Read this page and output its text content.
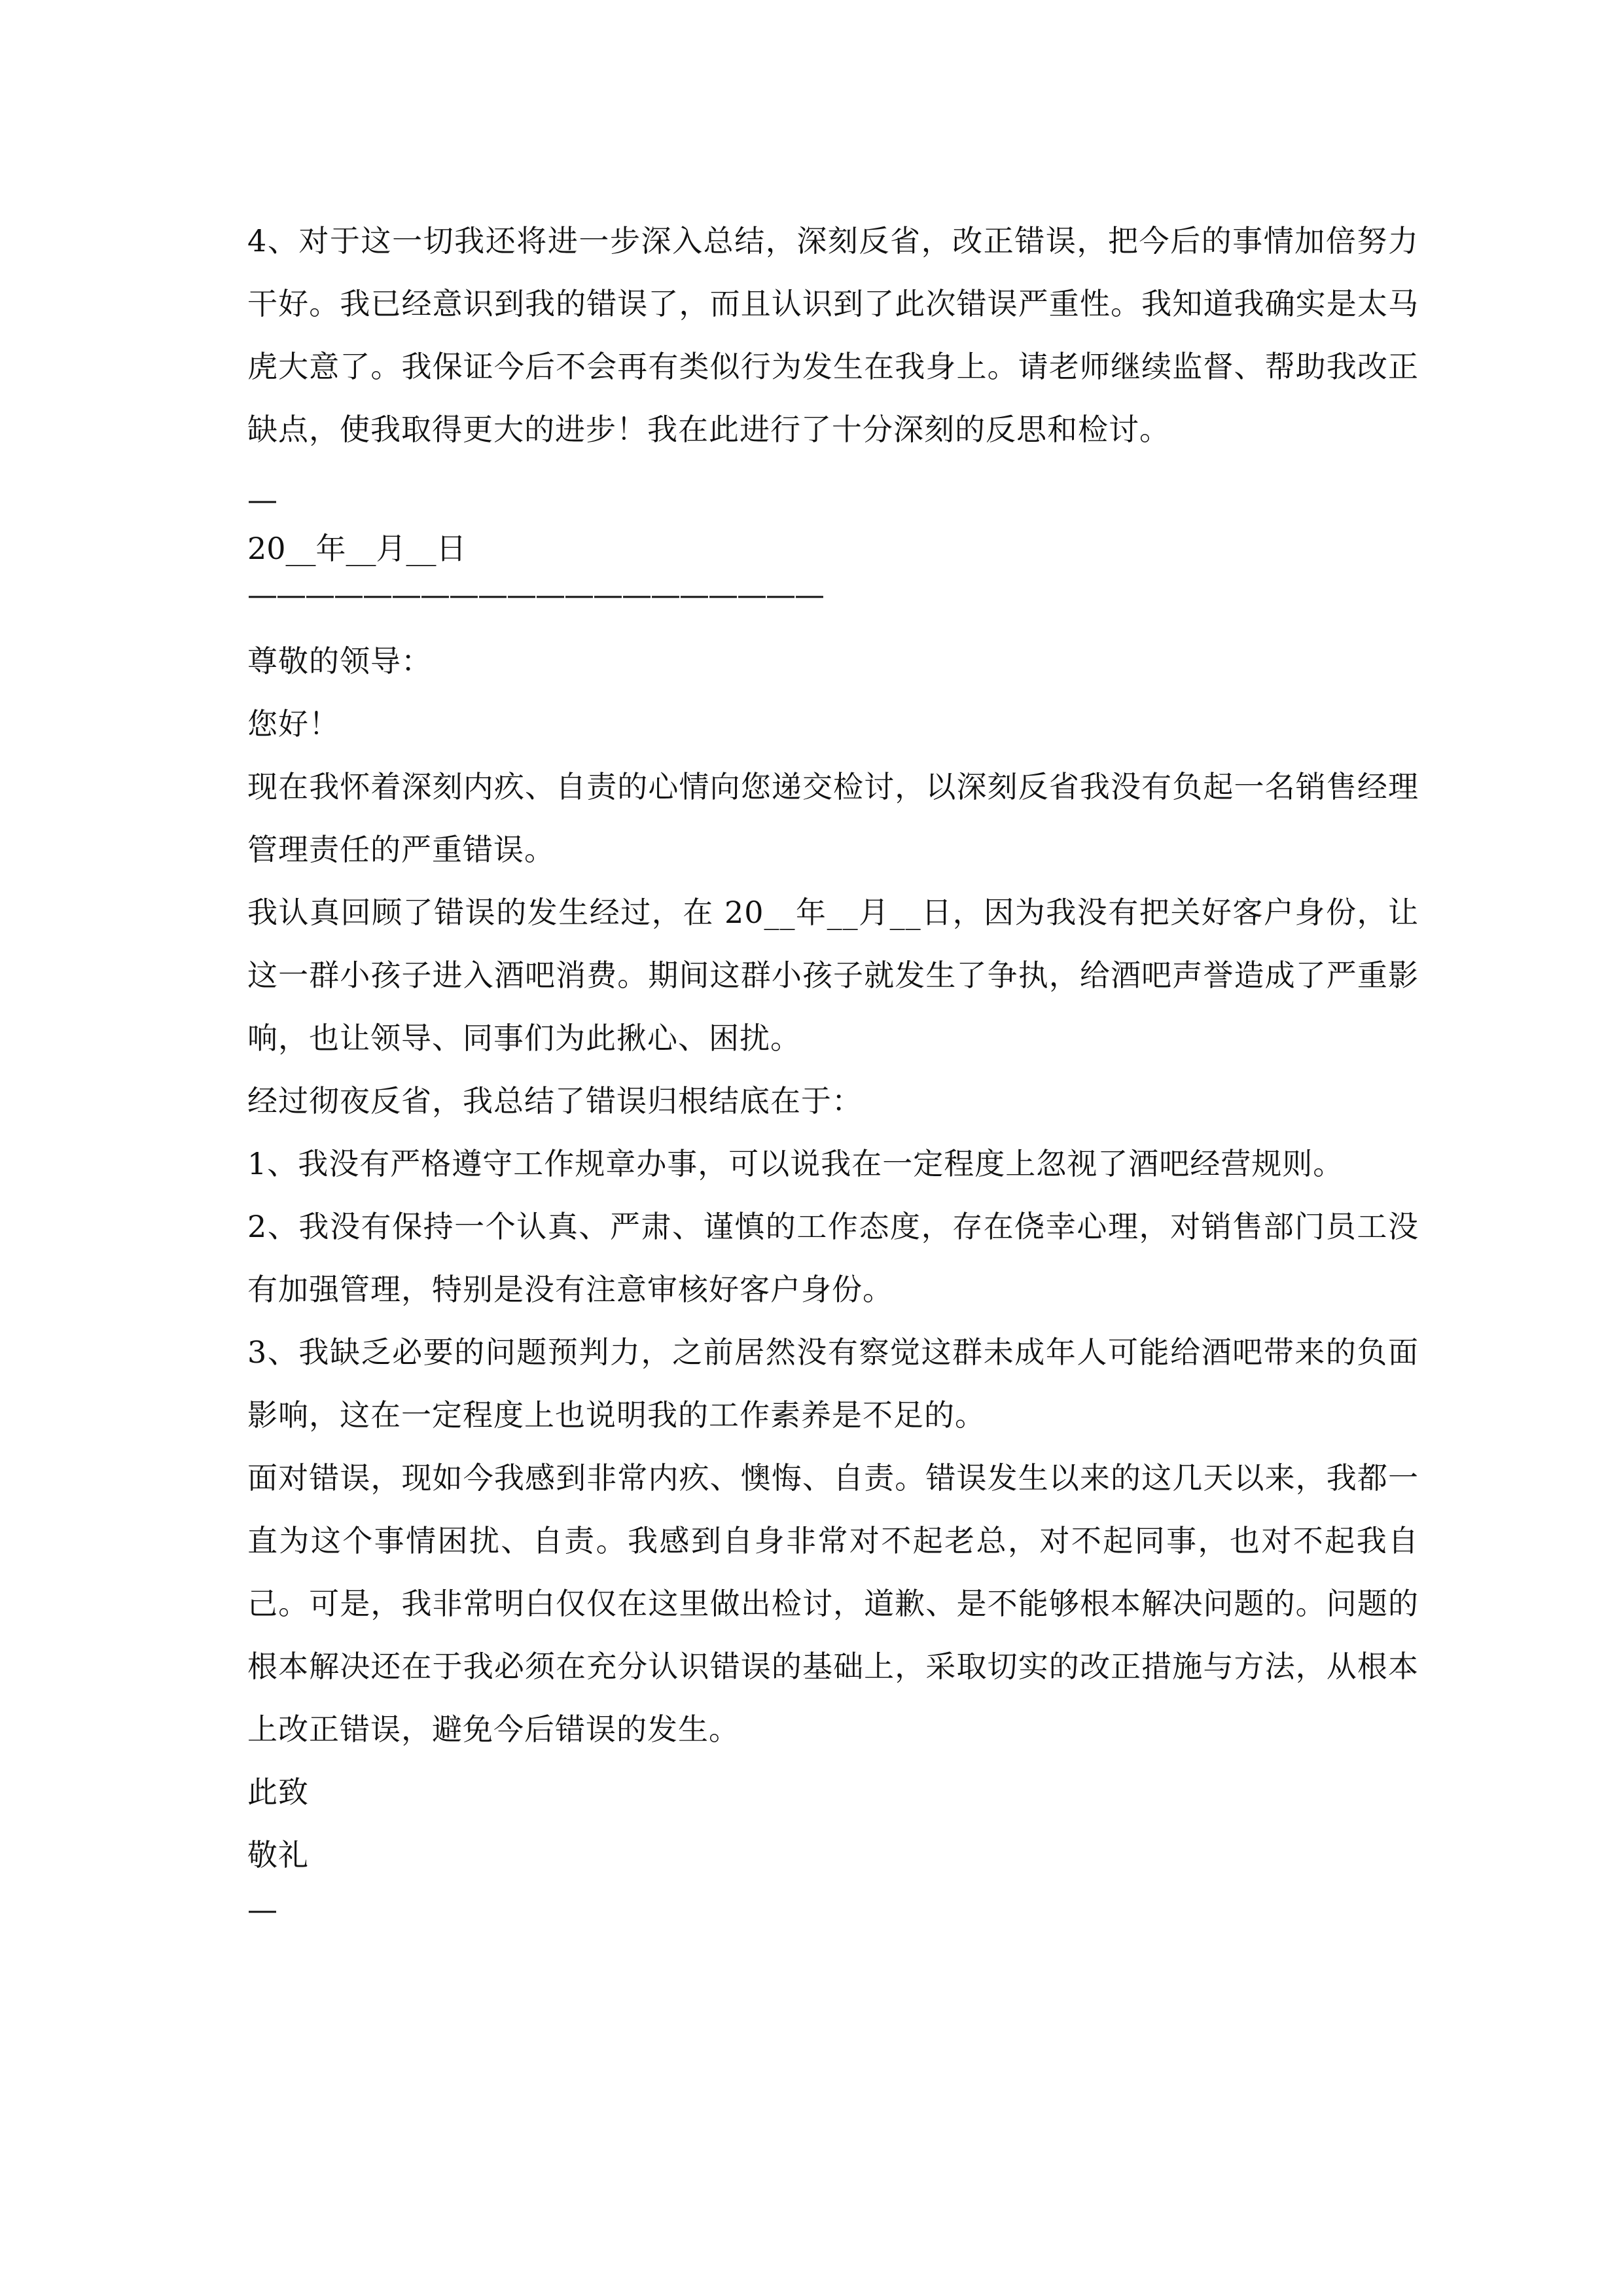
4、对于这一切我还将进一步深入总结，深刻反省，改正错误，把今后的事情加倍努力干好。我已经意识到我的错误了，而且认识到了此次错误严重性。我知道我确实是太马虎大意了。我保证今后不会再有类似行为发生在我身上。请老师继续监督、帮助我改正缺点，使我取得更大的进步！我在此进行了十分深刻的反思和检讨。

—

20__年__月__日

————————————————————

尊敬的领导：

您好！

现在我怀着深刻内疚、自责的心情向您递交检讨，以深刻反省我没有负起一名销售经理管理责任的严重错误。

我认真回顾了错误的发生经过，在 20__年__月__日，因为我没有把关好客户身份，让这一群小孩子进入酒吧消费。期间这群小孩子就发生了争执，给酒吧声誉造成了严重影响，也让领导、同事们为此揪心、困扰。

经过彻夜反省，我总结了错误归根结底在于：

1、我没有严格遵守工作规章办事，可以说我在一定程度上忽视了酒吧经营规则。

2、我没有保持一个认真、严肃、谨慎的工作态度，存在侥幸心理，对销售部门员工没有加强管理，特别是没有注意审核好客户身份。

3、我缺乏必要的问题预判力，之前居然没有察觉这群未成年人可能给酒吧带来的负面影响，这在一定程度上也说明我的工作素养是不足的。

面对错误，现如今我感到非常内疚、懊悔、自责。错误发生以来的这几天以来，我都一直为这个事情困扰、自责。我感到自身非常对不起老总，对不起同事，也对不起我自己。可是，我非常明白仅仅在这里做出检讨，道歉、是不能够根本解决问题的。问题的根本解决还在于我必须在充分认识错误的基础上，采取切实的改正措施与方法，从根本上改正错误，避免今后错误的发生。

此致

敬礼

—
